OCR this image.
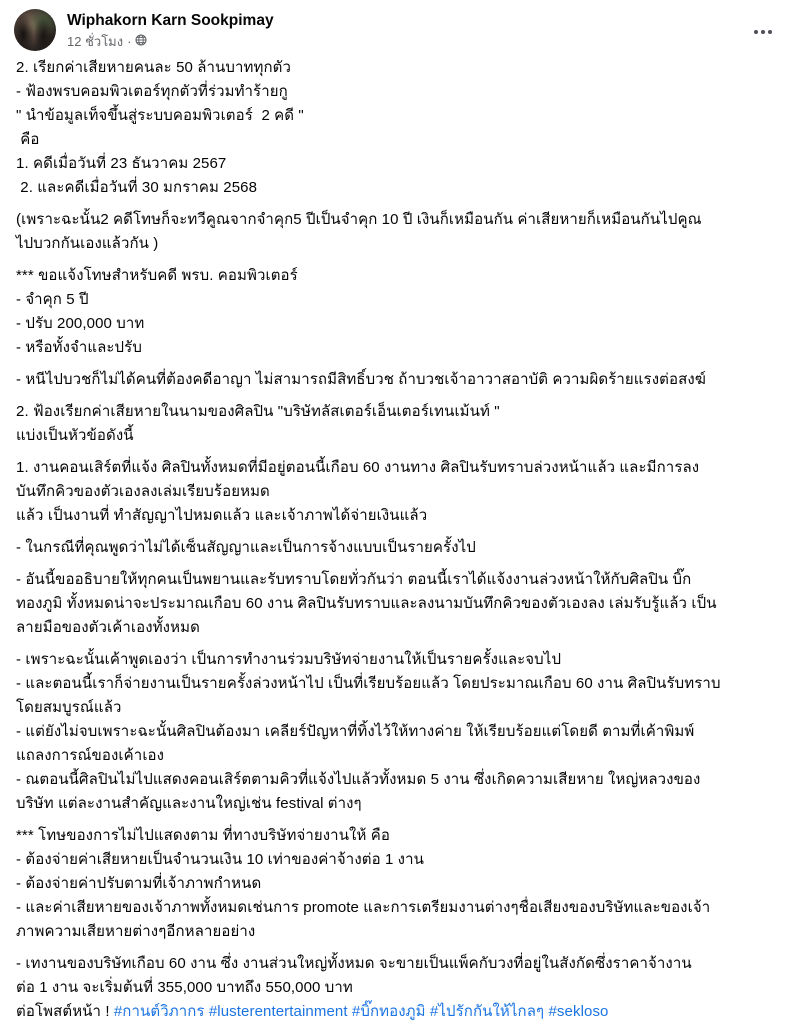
Wiphakorn Karn Sookpimay
12 ชั่วโมง ·
2. เรียกค่าเสียหายคนละ 50 ล้านบาททุกตัว
- ฟ้องพรบคอมพิวเตอร์ทุกตัวที่ร่วมทำร้ายกู
" นำข้อมูลเท็จขึ้นสู่ระบบคอมพิวเตอร์  2 คดี "
คือ
1. คดีเมื่อวันที่ 23 ธันวาคม 2567
2. และคดีเมื่อวันที่ 30 มกราคม 2568
(เพราะฉะนั้น2 คดีโทษก็จะทวีคูณจากจำคุก5 ปีเป็นจำคุก 10 ปี เงินก็เหมือนกัน ค่าเสียหายก็เหมือนกันไปคูณ
ไปบวกกันเองแล้วกัน )
*** ขอแจ้งโทษสำหรับคดี พรบ. คอมพิวเตอร์
- จำคุก 5 ปี
- ปรับ 200,000 บาท
- หรือทั้งจำและปรับ
- หนีไปบวชก็ไม่ได้คนที่ต้องคดีอาญา ไม่สามารถมีสิทธิ์บวช ถ้าบวชเจ้าอาวาสอาบัติ ความผิดร้ายแรงต่อสงฆ์
2. ฟ้องเรียกค่าเสียหายในนามของศิลปิน "บริษัทลัสเตอร์เอ็นเตอร์เทนเม้นท์ "
แบ่งเป็นหัวข้อดังนี้
1. งานคอนเสิร์ตที่แจ้ง ศิลปินทั้งหมดที่มีอยู่ตอนนี้เกือบ 60 งานทาง ศิลปินรับทราบล่วงหน้าแล้ว และมีการลง
บันทึกคิวของตัวเองลงเล่มเรียบร้อยหมด
แล้ว เป็นงานที่ ทำสัญญาไปหมดแล้ว และเจ้าภาพได้จ่ายเงินแล้ว
- ในกรณีที่คุณพูดว่าไม่ได้เซ็นสัญญาและเป็นการจ้างแบบเป็นรายครั้งไป
- อันนี้ขออธิบายให้ทุกคนเป็นพยานและรับทราบโดยทั่วกันว่า ตอนนี้เราได้แจ้งงานล่วงหน้าให้กับศิลปิน บิ๊ก
ทองภูมิ ทั้งหมดน่าจะประมาณเกือบ 60 งาน ศิลปินรับทราบและลงนามบันทึกคิวของตัวเองลง เล่มรับรู้แล้ว เป็น
ลายมือของตัวเค้าเองทั้งหมด
- เพราะฉะนั้นเค้าพูดเองว่า เป็นการทำงานร่วมบริษัทจ่ายงานให้เป็นรายครั้งและจบไป
- และตอนนี้เราก็จ่ายงานเป็นรายครั้งล่วงหน้าไป เป็นที่เรียบร้อยแล้ว โดยประมาณเกือบ 60 งาน ศิลปินรับทราบ
โดยสมบูรณ์แล้ว
- แต่ยังไม่จบเพราะฉะนั้นศิลปินต้องมา เคลียร์ปัญหาที่ทิ้งไว้ให้ทางค่าย ให้เรียบร้อยแต่โดยดี ตามที่เค้าพิมพ์
แถลงการณ์ของเค้าเอง
- ณตอนนี้ศิลปินไม่ไปแสดงคอนเสิร์ตตามคิวที่แจ้งไปแล้วทั้งหมด 5 งาน ซึ่งเกิดความเสียหาย ใหญ่หลวงของ
บริษัท แต่ละงานสำคัญและงานใหญ่เช่น festival ต่างๆ
*** โทษของการไม่ไปแสดงตาม ที่ทางบริษัทจ่ายงานให้ คือ
- ต้องจ่ายค่าเสียหายเป็นจำนวนเงิน 10 เท่าของค่าจ้างต่อ 1 งาน
- ต้องจ่ายค่าปรับตามที่เจ้าภาพกำหนด
- และค่าเสียหายของเจ้าภาพทั้งหมดเช่นการ promote และการเตรียมงานต่างๆชื่อเสียงของบริษัทและของเจ้า
ภาพความเสียหายต่างๆอีกหลายอย่าง
- เทงานของบริษัทเกือบ 60 งาน ซึ่ง งานส่วนใหญ่ทั้งหมด จะขายเป็นแพ็คกับวงที่อยู่ในสังกัดซึ่งราคาจ้างาน
ต่อ 1 งาน จะเริ่มต้นที่ 355,000 บาทถึง 550,000 บาท
ต่อโพสต์หน้า ! #กานต์วิภากร #lusterentertainment #บิ๊กทองภูมิ #ไปรักกันให้ไกลๆ #sekloso
